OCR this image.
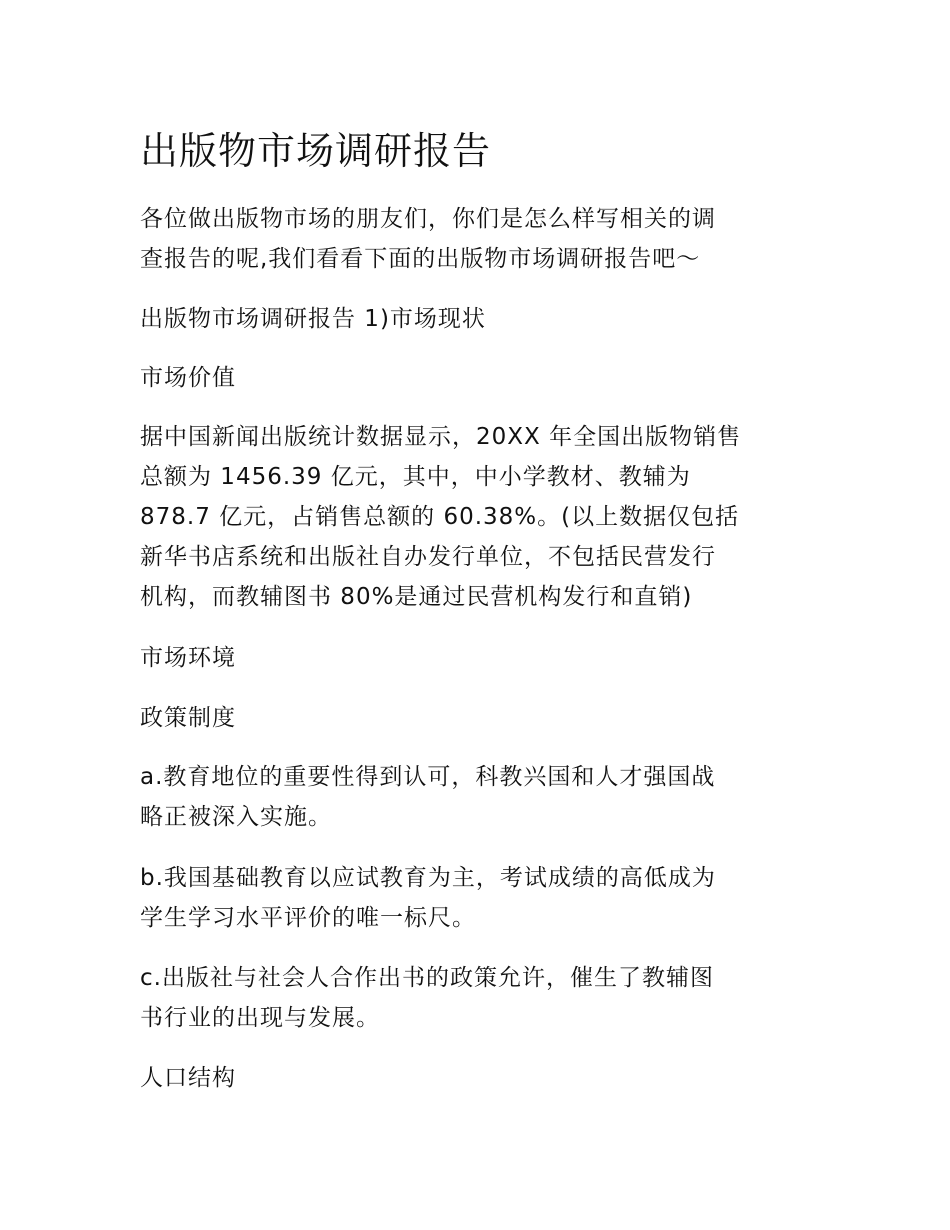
出版物市场调研报告

各位做出版物市场的朋友们，你们是怎么样写相关的调
查报告的呢,我们看看下面的出版物市场调研报告吧～

出版物市场调研报告 1)市场现状

市场价值

据中国新闻出版统计数据显示，20XX 年全国出版物销售
总额为 1456.39 亿元，其中，中小学教材、教辅为
878.7 亿元，占销售总额的 60.38%。(以上数据仅包括
新华书店系统和出版社自办发行单位，不包括民营发行
机构，而教辅图书 80%是通过民营机构发行和直销)

市场环境

政策制度

a.教育地位的重要性得到认可，科教兴国和人才强国战
略正被深入实施。

b.我国基础教育以应试教育为主，考试成绩的高低成为
学生学习水平评价的唯一标尺。

c.出版社与社会人合作出书的政策允许，催生了教辅图
书行业的出现与发展。

人口结构
